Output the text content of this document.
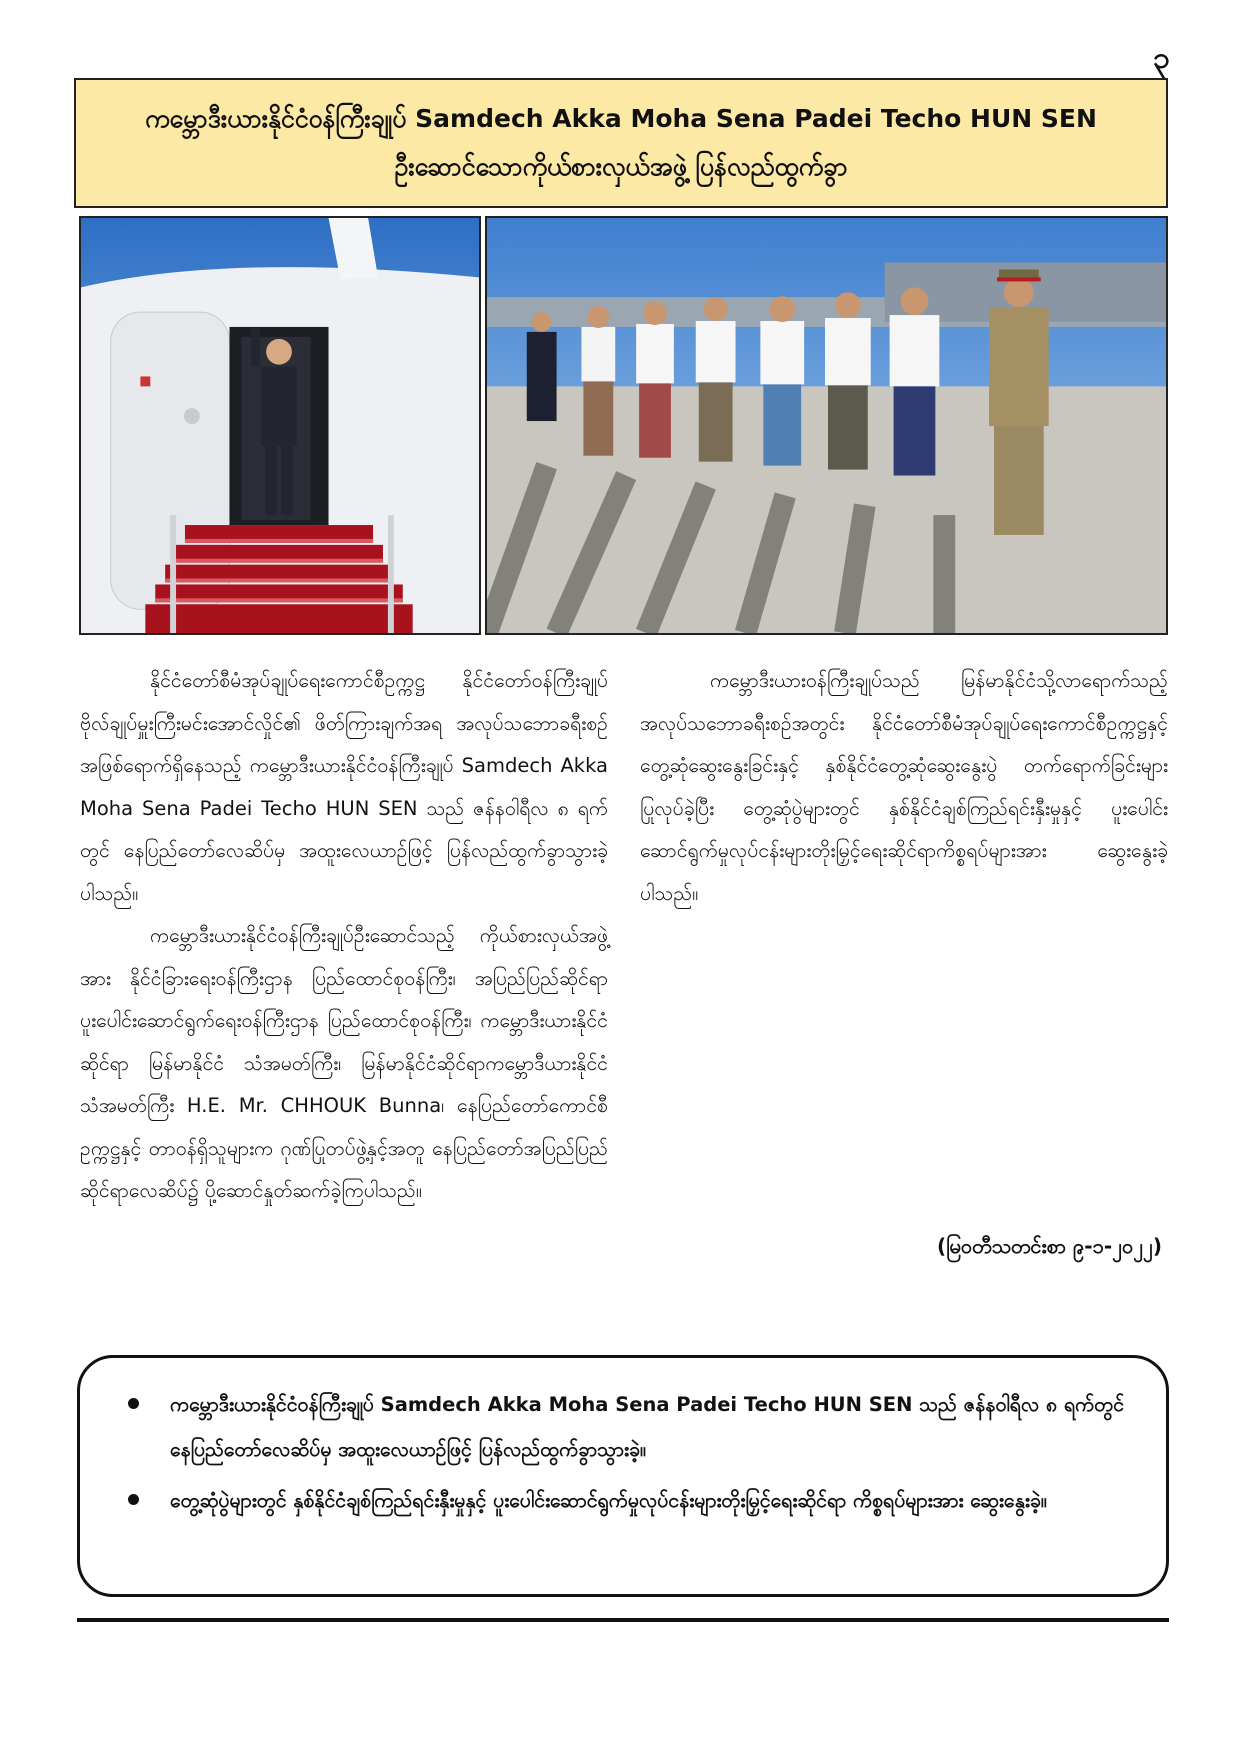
၃
ကမ္ဘောဒီးယားနိုင်ငံဝန်ကြီးချုပ် Samdech Akka Moha Sena Padei Techo HUN SEN
ဦးဆောင်သောကိုယ်စားလှယ်အဖွဲ့ ပြန်လည်ထွက်ခွာ

နိုင်ငံတော်စီမံအုပ်ချုပ်ရေးကောင်စီဥက္ကဋ္ဌ နိုင်ငံတော်ဝန်ကြီးချုပ် ဗိုလ်ချုပ်မှူးကြီးမင်းအောင်လှိုင်၏ ဖိတ်ကြားချက်အရ အလုပ်သဘောခရီးစဉ်အဖြစ်ရောက်ရှိနေသည့် ကမ္ဘောဒီးယားနိုင်ငံဝန်ကြီးချုပ် Samdech Akka Moha Sena Padei Techo HUN SEN သည် ဇန်နဝါရီလ ၈ ရက်တွင် နေပြည်တော်လေဆိပ်မှ အထူးလေယာဉ်ဖြင့် ပြန်လည်ထွက်ခွာသွားခဲ့ပါသည်။

ကမ္ဘောဒီးယားနိုင်ငံဝန်ကြီးချုပ်ဦးဆောင်သည့် ကိုယ်စားလှယ်အဖွဲ့အား နိုင်ငံခြားရေးဝန်ကြီးဌာန ပြည်ထောင်စုဝန်ကြီး၊ အပြည်ပြည်ဆိုင်ရာပူးပေါင်းဆောင်ရွက်ရေးဝန်ကြီးဌာန ပြည်ထောင်စုဝန်ကြီး၊ ကမ္ဘောဒီးယားနိုင်ငံဆိုင်ရာ မြန်မာနိုင်ငံ သံအမတ်ကြီး၊ မြန်မာနိုင်ငံဆိုင်ရာကမ္ဘောဒီယားနိုင်ငံသံအမတ်ကြီး H.E. Mr. CHHOUK Bunna၊ နေပြည်တော်ကောင်စီဥက္ကဋ္ဌနှင့် တာဝန်ရှိသူများက ဂုဏ်ပြုတပ်ဖွဲ့နှင့်အတူ နေပြည်တော်အပြည်ပြည်ဆိုင်ရာလေဆိပ်၌ ပို့ဆောင်နှုတ်ဆက်ခဲ့ကြပါသည်။

ကမ္ဘောဒီးယားဝန်ကြီးချုပ်သည် မြန်မာနိုင်ငံသို့လာရောက်သည့် အလုပ်သဘောခရီးစဉ်အတွင်း နိုင်ငံတော်စီမံအုပ်ချုပ်ရေးကောင်စီဥက္ကဋ္ဌနှင့် တွေ့ဆုံဆွေးနွေးခြင်းနှင့် နှစ်နိုင်ငံတွေ့ဆုံဆွေးနွေးပွဲ တက်ရောက်ခြင်းများပြုလုပ်ခဲ့ပြီး တွေ့ဆုံပွဲများတွင် နှစ်နိုင်ငံချစ်ကြည်ရင်းနှီးမှုနှင့် ပူးပေါင်းဆောင်ရွက်မှုလုပ်ငန်းများတိုးမြှင့်ရေးဆိုင်ရာကိစ္စရပ်များအား ဆွေးနွေးခဲ့ပါသည်။

(မြဝတီသတင်းစာ ၉-၁-၂၀၂၂)
ကမ္ဘောဒီးယားနိုင်ငံဝန်ကြီးချုပ် Samdech Akka Moha Sena Padei Techo HUN SEN သည် ဇန်နဝါရီလ ၈ ရက်တွင် နေပြည်တော်လေဆိပ်မှ အထူးလေယာဉ်ဖြင့် ပြန်လည်ထွက်ခွာသွားခဲ့။
တွေ့ဆုံပွဲများတွင် နှစ်နိုင်ငံချစ်ကြည်ရင်းနှီးမှုနှင့် ပူးပေါင်းဆောင်ရွက်မှုလုပ်ငန်းများတိုးမြှင့်ရေးဆိုင်ရာ ကိစ္စရပ်များအား ဆွေးနွေးခဲ့။
